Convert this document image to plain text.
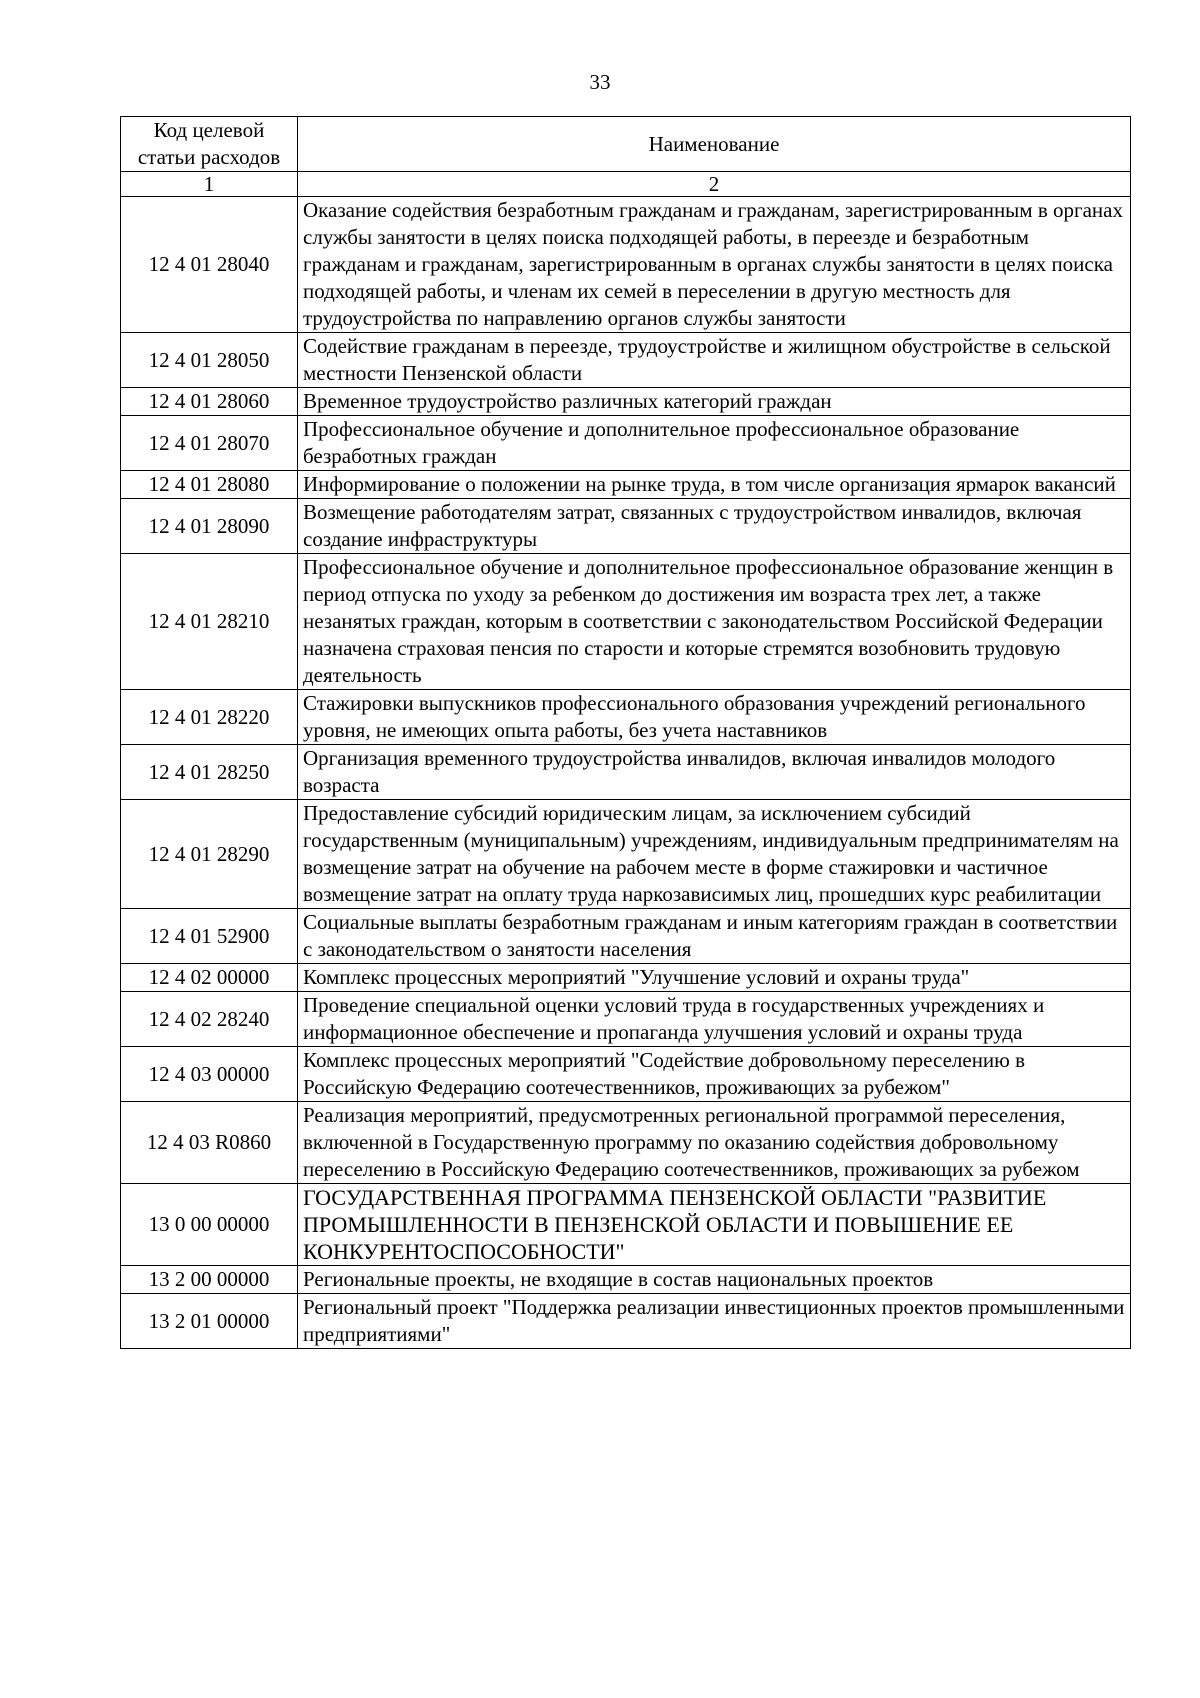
33
Код целевой статьи расходов	Наименование
1	2
12 4 01 28040	Оказание содействия безработным гражданам и гражданам, зарегистрированным в органах службы занятости в целях поиска подходящей работы, в переезде и безработным гражданам и гражданам, зарегистрированным в органах службы занятости в целях поиска подходящей работы, и членам их семей в переселении в другую местность для трудоустройства по направлению органов службы занятости
12 4 01 28050	Содействие гражданам в переезде, трудоустройстве и жилищном обустройстве в сельской местности Пензенской области
12 4 01 28060	Временное трудоустройство различных категорий граждан
12 4 01 28070	Профессиональное обучение и дополнительное профессиональное образование безработных граждан
12 4 01 28080	Информирование о положении на рынке труда, в том числе организация ярмарок вакансий
12 4 01 28090	Возмещение работодателям затрат, связанных с трудоустройством инвалидов, включая создание инфраструктуры
12 4 01 28210	Профессиональное обучение и дополнительное профессиональное образование женщин в период отпуска по уходу за ребенком до достижения им возраста трех лет, а также незанятых граждан, которым в соответствии с законодательством Российской Федерации назначена страховая пенсия по старости и которые стремятся возобновить трудовую деятельность
12 4 01 28220	Стажировки выпускников профессионального образования учреждений регионального уровня, не имеющих опыта работы, без учета наставников
12 4 01 28250	Организация временного трудоустройства инвалидов, включая инвалидов молодого возраста
12 4 01 28290	Предоставление субсидий юридическим лицам, за исключением субсидий государственным (муниципальным) учреждениям, индивидуальным предпринимателям на возмещение затрат на обучение на рабочем месте в форме стажировки и частичное возмещение затрат на оплату труда наркозависимых лиц, прошедших курс реабилитации
12 4 01 52900	Социальные выплаты безработным гражданам и иным категориям граждан в соответствии с законодательством о занятости населения
12 4 02 00000	Комплекс процессных мероприятий "Улучшение условий и охраны труда"
12 4 02 28240	Проведение специальной оценки условий труда в государственных учреждениях и информационное обеспечение и пропаганда улучшения условий и охраны труда
12 4 03 00000	Комплекс процессных мероприятий "Содействие добровольному переселению в Российскую Федерацию соотечественников, проживающих за рубежом"
12 4 03 R0860	Реализация мероприятий, предусмотренных региональной программой переселения, включенной в Государственную программу по оказанию содействия добровольному переселению в Российскую Федерацию соотечественников, проживающих за рубежом
13 0 00 00000	ГОСУДАРСТВЕННАЯ ПРОГРАММА ПЕНЗЕНСКОЙ ОБЛАСТИ "РАЗВИТИЕ ПРОМЫШЛЕННОСТИ В ПЕНЗЕНСКОЙ ОБЛАСТИ И ПОВЫШЕНИЕ ЕЕ КОНКУРЕНТОСПОСОБНОСТИ"
13 2 00 00000	Региональные проекты, не входящие в состав национальных проектов
13 2 01 00000	Региональный проект "Поддержка реализации инвестиционных проектов промышленными предприятиями"
